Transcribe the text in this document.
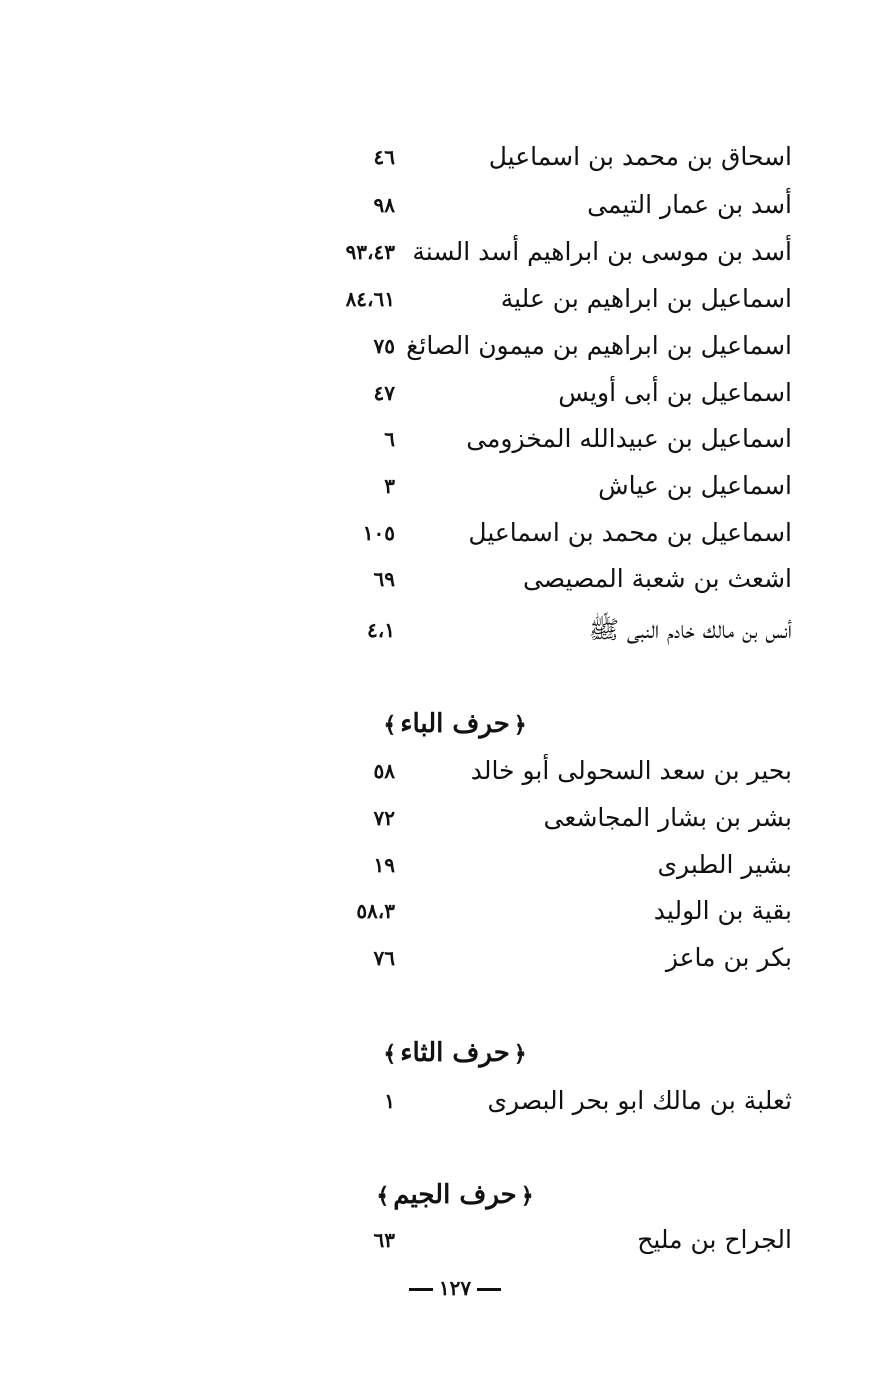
اسحاق بن محمد بن اسماعيل
٤٦
أسد بن عمار التيمى
٩٨
أسد بن موسى بن ابراهيم أسد السنة
٩٣،٤٣
اسماعيل بن ابراهيم بن علية
٨٤،٦١
اسماعيل بن ابراهيم بن ميمون الصائغ
٧٥
اسماعيل بن أبى أويس
٤٧
اسماعيل بن عبيدالله المخزومى
٦
اسماعيل بن عياش
٣
اسماعيل بن محمد بن اسماعيل
١٠٥
اشعث بن شعبة المصيصى
٦٩
أنس بن مالك خادم النبى ﷺ
٤،١
﴿حرف الباء﴾
بحير بن سعد السحولى أبو خالد
٥٨
بشر بن بشار المجاشعى
٧٢
بشير الطبرى
١٩
بقية بن الوليد
٥٨،٣
بكر بن ماعز
٧٦
﴿حرف الثاء﴾
ثعلبة بن مالك ابو بحر البصرى
١
﴿حرف الجيم﴾
الجراح بن مليح
٦٣
١٢٧
